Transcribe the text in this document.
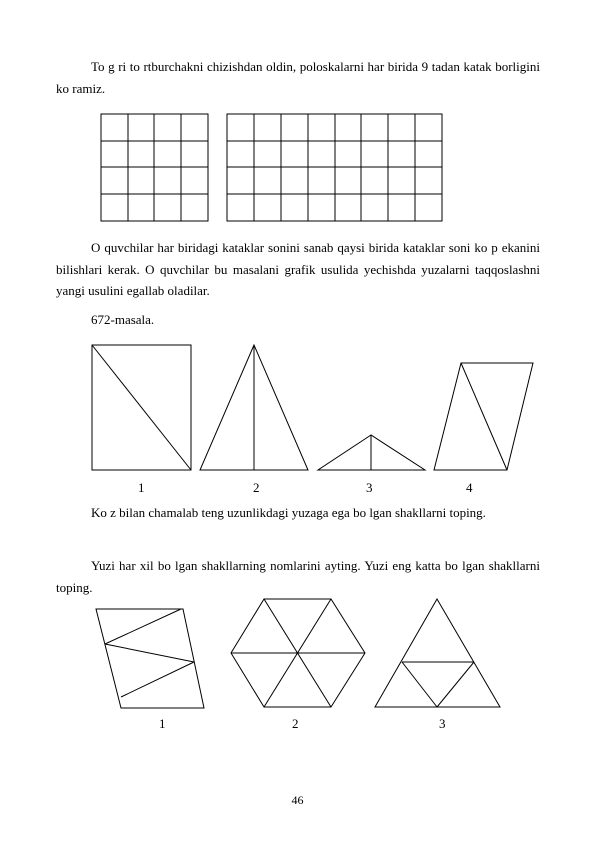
To g ri to rtburchakni chizishdan oldin, poloskalarni har birida 9 tadan katak borligini ko ramiz.

O quvchilar har biridagi kataklar sonini sanab qaysi birida kataklar soni ko p ekanini bilishlari kerak. O quvchilar bu masalani grafik usulida yechishda yuzalarni taqqoslashni yangi usulini egallab oladilar.

672-masala.
1	2	3	4

Ko z bilan chamalab teng uzunlikdagi yuzaga ega bo lgan shakllarni toping.

Yuzi har xil bo lgan shakllarning nomlarini ayting. Yuzi eng katta bo lgan shakllarni toping.

1	2	3
46
